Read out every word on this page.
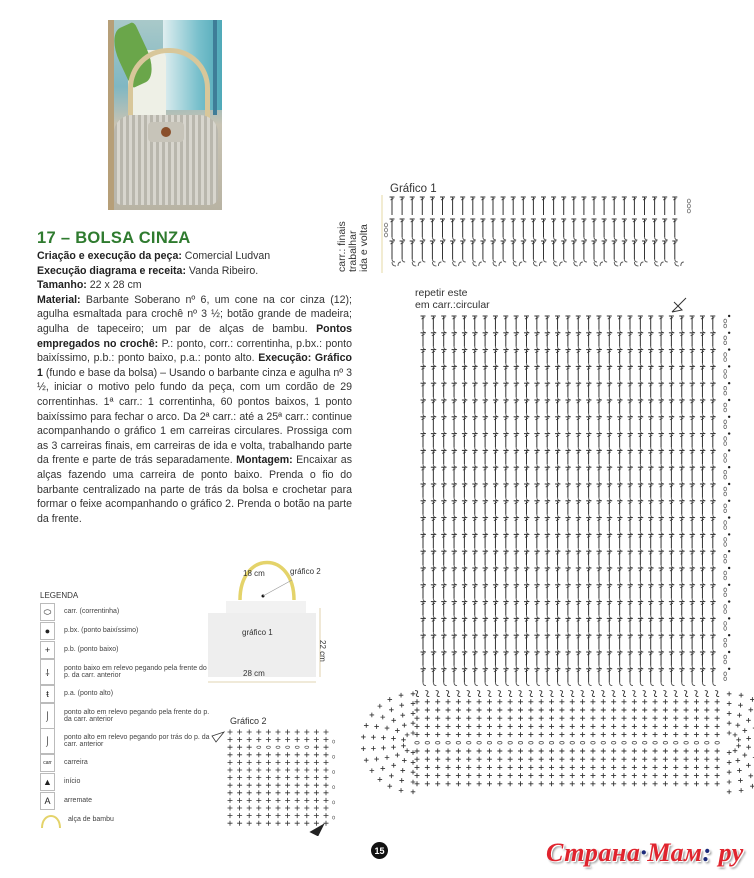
17 – BOLSA CINZA
Criação e execução da peça: Comercial Ludvan
Execução diagrama e receita: Vanda Ribeiro.
Tamanho: 22 x 28 cm
Material: Barbante Soberano nº 6, um cone na cor cinza (12); agulha esmaltada para crochê nº 3 ½; botão grande de madeira; agulha de tapeceiro; um par de alças de bambu. Pontos empregados no crochê: P.: ponto, corr.: correntinha, p.bx.: ponto baixíssimo, p.b.: ponto baixo, p.a.: ponto alto. Execução: Gráfico 1 (fundo e base da bolsa) – Usando o barbante cinza e agulha nº 3 ½, iniciar o motivo pelo fundo da peça, com um cordão de 29 correntinhas. 1ª carr.: 1 correntinha, 60 pontos baixos, 1 ponto baixíssimo para fechar o arco. Da 2ª carr.: até a 25ª carr.: continue acompanhando o gráfico 1 em carreiras circulares. Prossiga com as 3 carreiras finais, em carreiras de ida e volta, trabalhando parte da frente e parte de trás separadamente. Montagem: Encaixar as alças fazendo uma carreira de ponto baixo. Prenda o fio do barbante centralizado na parte de trás da bolsa e crochetar para formar o feixe acompanhando o gráfico 2. Prenda o botão na parte da frente.
Gráfico 1
carr.: finais trabalhar ida e volta
repetir este
em carr.:circular
LEGENDA
⬭	carr. (correntinha)
●	p.bx. (ponto baixíssimo)
+	p.b. (ponto baixo)
⸸	ponto baixo em relevo pegando pela frente do p. da carr. anterior
ŧ	p.a. (ponto alto)
⌡	ponto alto em relevo pegando pela frente do p. da carr. anterior
⌡	ponto alto em relevo pegando por trás do p. da carr. anterior
carr	carreira
▲	início
A	arremate
alça de bambu
18 cm	gráfico 2
gráfico 1
22 cm
28 cm
Gráfico 2
15	Страна·Мам: ру
